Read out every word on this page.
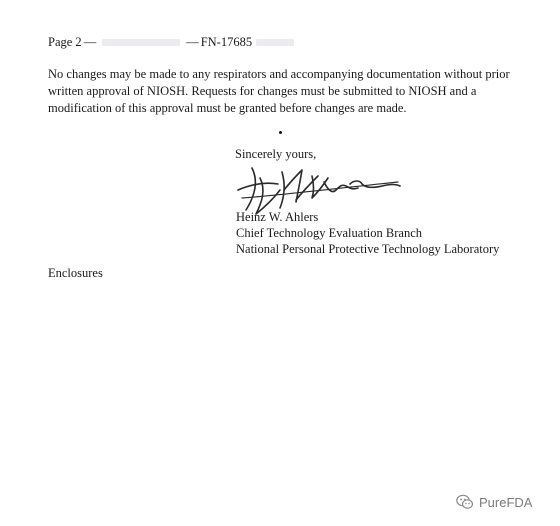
Page 2 —	— FN-17685
No changes may be made to any respirators and accompanying documentation without prior
written approval of NIOSH. Requests for changes must be submitted to NIOSH and a
modification of this approval must be granted before changes are made.
Sincerely yours,
Heinz W. Ahlers
Chief Technology Evaluation Branch
National Personal Protective Technology Laboratory
Enclosures
PureFDA
